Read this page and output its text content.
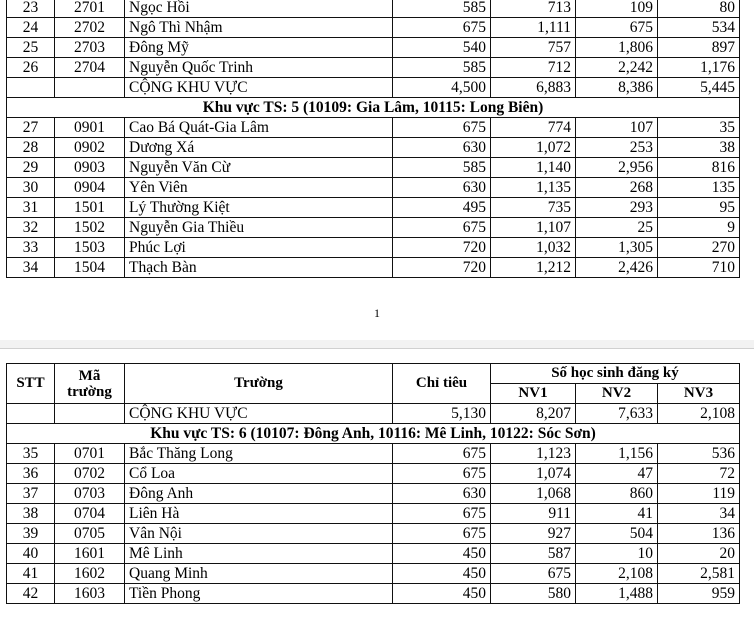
23	2701	Ngọc Hồi	585	713	109	80
24	2702	Ngô Thì Nhậm	675	1,111	675	534
25	2703	Đông Mỹ	540	757	1,806	897
26	2704	Nguyễn Quốc Trinh	585	712	2,242	1,176
		CỘNG KHU VỰC	4,500	6,883	8,386	5,445
Khu vực TS: 5 (10109: Gia Lâm, 10115: Long Biên)						
27	0901	Cao Bá Quát-Gia Lâm	675	774	107	35
28	0902	Dương Xá	630	1,072	253	38
29	0903	Nguyễn Văn Cừ	585	1,140	2,956	816
30	0904	Yên Viên	630	1,135	268	135
31	1501	Lý Thường Kiệt	495	735	293	95
32	1502	Nguyễn Gia Thiều	675	1,107	25	9
33	1503	Phúc Lợi	720	1,032	1,305	270
34	1504	Thạch Bàn	720	1,212	2,426	710
1
STT	Mã trường	Trường	Chỉ tiêu	Số học sinh đăng ký		
				NV1	NV2	NV3
		CỘNG KHU VỰC	5,130	8,207	7,633	2,108
Khu vực TS: 6 (10107: Đông Anh, 10116: Mê Linh, 10122: Sóc Sơn)						
35	0701	Bắc Thăng Long	675	1,123	1,156	536
36	0702	Cổ Loa	675	1,074	47	72
37	0703	Đông Anh	630	1,068	860	119
38	0704	Liên Hà	675	911	41	34
39	0705	Vân Nội	675	927	504	136
40	1601	Mê Linh	450	587	10	20
41	1602	Quang Minh	450	675	2,108	2,581
42	1603	Tiền Phong	450	580	1,488	959
